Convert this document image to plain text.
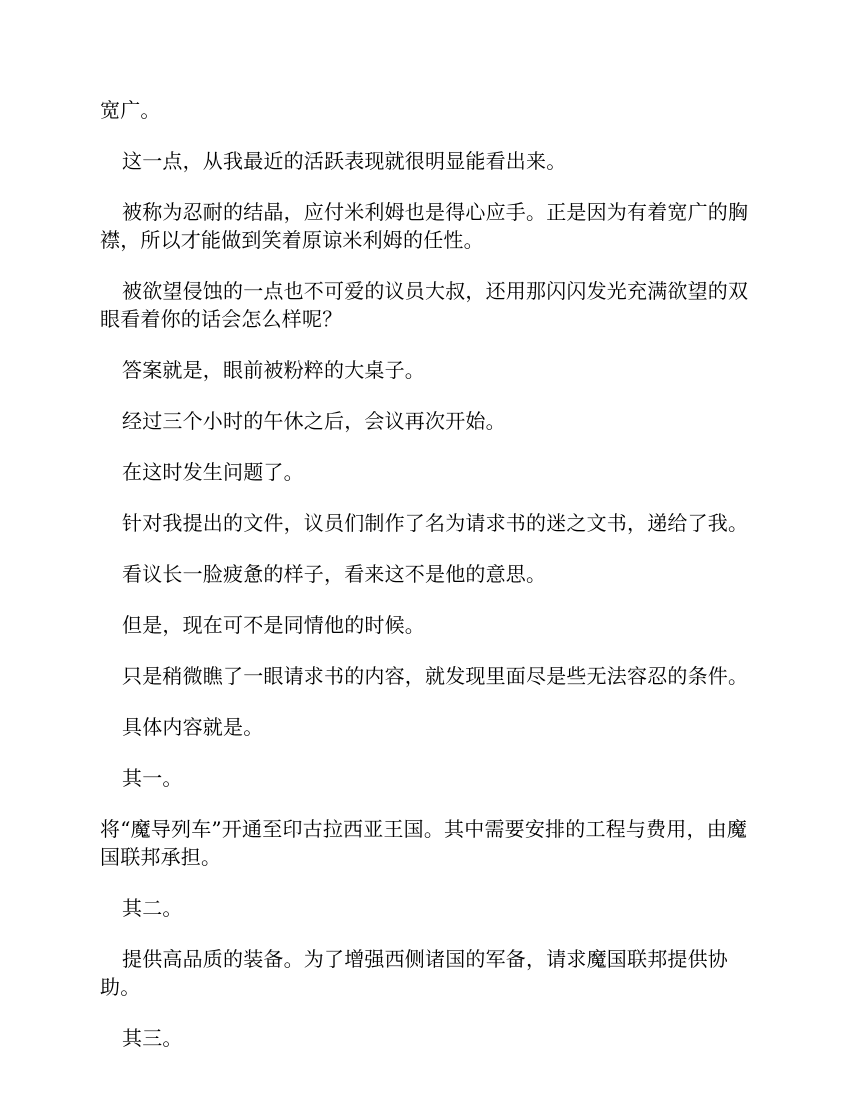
宽广。

这一点，从我最近的活跃表现就很明显能看出来。

被称为忍耐的结晶，应付米利姆也是得心应手。正是因为有着宽广的胸襟，所以才能做到笑着原谅米利姆的任性。

被欲望侵蚀的一点也不可爱的议员大叔，还用那闪闪发光充满欲望的双眼看着你的话会怎么样呢？

答案就是，眼前被粉粹的大桌子。

经过三个小时的午休之后，会议再次开始。

在这时发生问题了。

针对我提出的文件，议员们制作了名为请求书的迷之文书，递给了我。

看议长一脸疲惫的样子，看来这不是他的意思。

但是，现在可不是同情他的时候。

只是稍微瞧了一眼请求书的内容，就发现里面尽是些无法容忍的条件。

具体内容就是。

其一。

将“魔导列车”开通至印古拉西亚王国。其中需要安排的工程与费用，由魔国联邦承担。

其二。

提供高品质的装备。为了增强西侧诸国的军备，请求魔国联邦提供协助。

其三。
